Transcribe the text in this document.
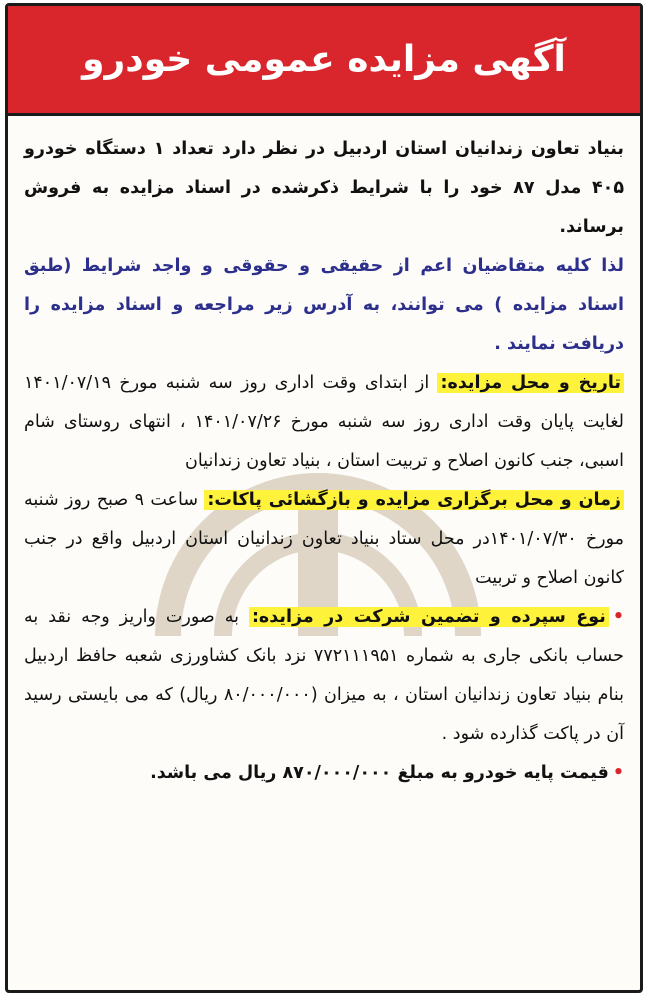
آگهی مزایده عمومی خودرو

بنیاد تعاون زندانیان استان اردبیل در نظر دارد تعداد ۱ دستگاه خودرو ۴۰۵ مدل ۸۷ خود را با شرایط ذکرشده در اسناد مزایده به فروش برساند.

لذا کلیه متقاضیان اعم از حقیقی و حقوقی و واجد شرایط (طبق اسناد مزایده ) می توانند، به آدرس زیر مراجعه و اسناد مزایده را دریافت نمایند .

تاریخ و محل مزایده: از ابتدای وقت اداری روز سه شنبه مورخ ۱۴۰۱/۰۷/۱۹ لغایت پایان وقت اداری روز سه شنبه مورخ ۱۴۰۱/۰۷/۲۶ ، انتهای روستای شام اسبی، جنب کانون اصلاح و تربیت استان ، بنیاد تعاون زندانیان

زمان و محل برگزاری مزایده و بازگشائی پاکات: ساعت ۹ صبح روز شنبه مورخ ۱۴۰۱/۰۷/۳۰در محل ستاد بنیاد تعاون زندانیان استان اردبیل واقع در جنب کانون اصلاح و تربیت

•نوع سپرده و تضمین شرکت در مزایده: به صورت واریز وجه نقد به حساب بانکی جاری به شماره ۷۷۲۱۱۱۹۵۱ نزد بانک کشاورزی شعبه حافظ اردبیل بنام بنیاد تعاون زندانیان استان ، به میزان (۸۰/۰۰۰/۰۰۰ ریال) که می بایستی رسید آن در پاکت گذارده شود .

•قیمت پایه خودرو به مبلغ ۸۷۰/۰۰۰/۰۰۰ ریال می باشد.
